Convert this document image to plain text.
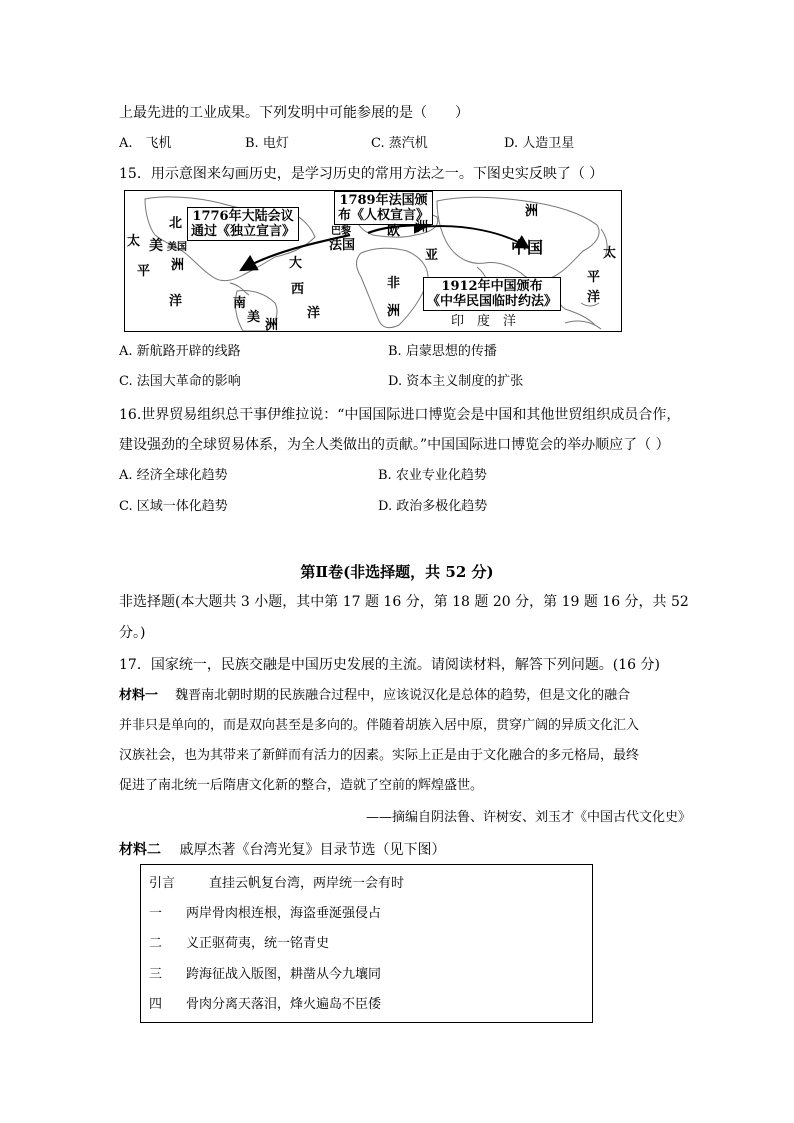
上最先进的工业成果。下列发明中可能参展的是（　　）
A.　飞机	B. 电灯	C. 蒸汽机	D. 人造卫星
15．用示意图来勾画历史，是学习历史的常用方法之一。下图史实反映了（ ）
1776年大陆会议
通过《独立宣言》
1789年法国颁
布《人权宣言》
1912年中国颁布
《中华民国临时约法》
北
太 美 美国
洲
平
洋
大
西
洋
南
美
洲
巴黎
法国
欧 洲
亚
非
洲
洲
中国	太
平
洋
印　度　洋
A. 新航路开辟的线路	B. 启蒙思想的传播
C. 法国大革命的影响	D. 资本主义制度的扩张
16.世界贸易组织总干事伊维拉说：“中国国际进口博览会是中国和其他世贸组织成员合作，
建设强劲的全球贸易体系，为全人类做出的贡献。”中国国际进口博览会的举办顺应了（ ）
A. 经济全球化趋势	B. 农业专业化趋势
C. 区域一体化趋势	D. 政治多极化趋势
第Ⅱ卷(非选择题，共 52 分)
非选择题(本大题共 3 小题，其中第 17 题 16 分，第 18 题 20 分，第 19 题 16 分，共 52
分。)
17．国家统一，民族交融是中国历史发展的主流。请阅读材料，解答下列问题。(16 分)
材料一　 魏晋南北朝时期的民族融合过程中，应该说汉化是总体的趋势，但是文化的融合
并非只是单向的，而是双向甚至是多向的。伴随着胡族入居中原，贯穿广阔的异质文化汇入
汉族社会，也为其带来了新鲜而有活力的因素。实际上正是由于文化融合的多元格局，最终
促进了南北统一后隋唐文化新的整合，造就了空前的辉煌盛世。
——摘编自阴法鲁、许树安、刘玉才《中国古代文化史》
材料二　 戚厚杰著《台湾光复》目录节选（见下图）
引言	直挂云帆复台湾，两岸统一会有时
一 两岸骨肉根连根，海盗垂涎强侵占
二 义正驱荷夷，统一铭青史
三 跨海征战入版图，耕凿从今九壤同
四 骨肉分离天落泪，烽火遍岛不臣倭
